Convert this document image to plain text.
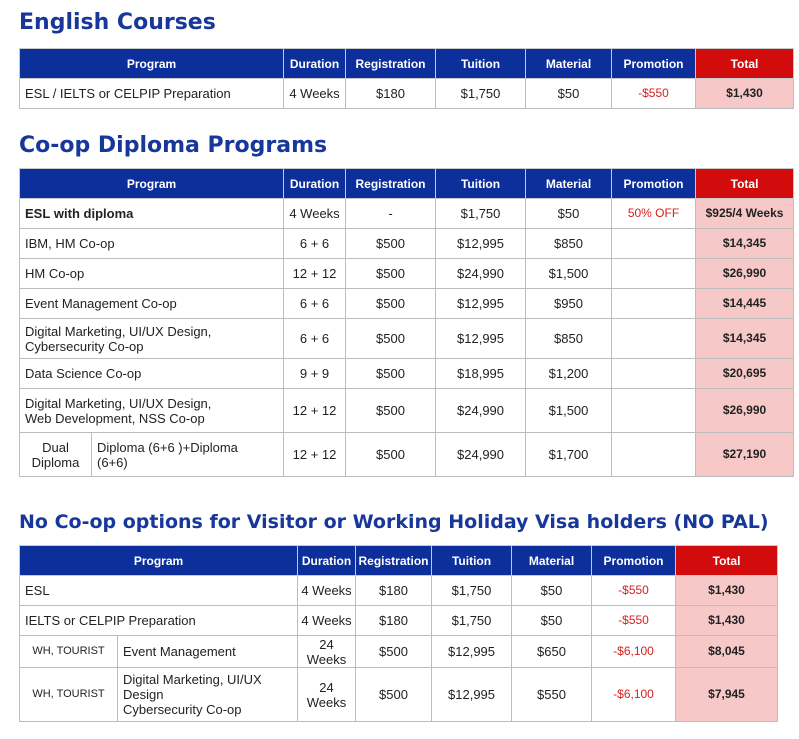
English Courses
Program	Duration	Registration	Tuition	Material	Promotion	Total
ESL / IELTS or CELPIP Preparation	4 Weeks	$180	$1,750	$50	-$550	$1,430
Co-op Diploma Programs
Program		Duration	Registration	Tuition	Material	Promotion	Total
ESL with diploma		4 Weeks	-	$1,750	$50	50% OFF	$925/4 Weeks
IBM, HM Co-op		6 + 6	$500	$12,995	$850		$14,345
HM Co-op		12 + 12	$500	$24,990	$1,500		$26,990
Event Management Co-op		6 + 6	$500	$12,995	$950		$14,445
Digital Marketing, UI/UX Design,
Cybersecurity Co-op		6 + 6	$500	$12,995	$850		$14,345
Data Science Co-op		9 + 9	$500	$18,995	$1,200		$20,695
Digital Marketing, UI/UX Design,
Web Development, NSS Co-op		12 + 12	$500	$24,990	$1,500		$26,990
Dual
Diploma	Diploma (6+6 )+Diploma
(6+6)	12 + 12	$500	$24,990	$1,700		$27,190
No Co-op options for Visitor or Working Holiday Visa holders (NO PAL)
Program		Duration	Registration	Tuition	Material	Promotion	Total
ESL		4 Weeks	$180	$1,750	$50	-$550	$1,430
IELTS or CELPIP Preparation		4 Weeks	$180	$1,750	$50	-$550	$1,430
WH, TOURIST	Event Management	24 Weeks	$500	$12,995	$650	-$6,100	$8,045
WH, TOURIST	Digital Marketing, UI/UX
Design
Cybersecurity Co-op	24 Weeks	$500	$12,995	$550	-$6,100	$7,945
